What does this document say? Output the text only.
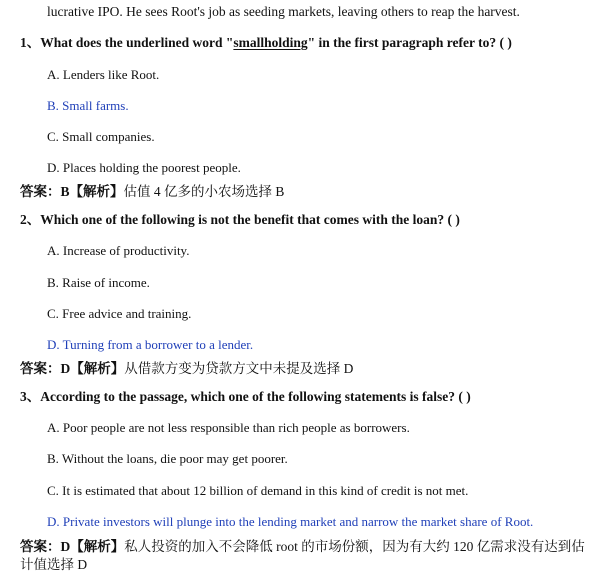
lucrative IPO. He sees Root's job as seeding markets, leaving others to reap the harvest.
1、What does the underlined word "smallholding" in the first paragraph refer to? ( )
A. Lenders like Root.
B. Small farms.
C. Small companies.
D. Places holding the poorest people.
答案：B【解析】估值 4 亿多的小农场选择 B
2、Which one of the following is not the benefit that comes with the loan? ( )
A. Increase of productivity.
B. Raise of income.
C. Free advice and training.
D. Turning from a borrower to a lender.
答案：D【解析】从借款方变为贷款方文中未提及选择 D
3、According to the passage, which one of the following statements is false? ( )
A. Poor people are not less responsible than rich people as borrowers.
B. Without the loans, die poor may get poorer.
C. It is estimated that about 12 billion of demand in this kind of credit is not met.
D. Private investors will plunge into the lending market and narrow the market share of Root.
答案：D【解析】私人投资的加入不会降低 root 的市场份额，因为有大约 120 亿需求没有达到估计值选择 D
